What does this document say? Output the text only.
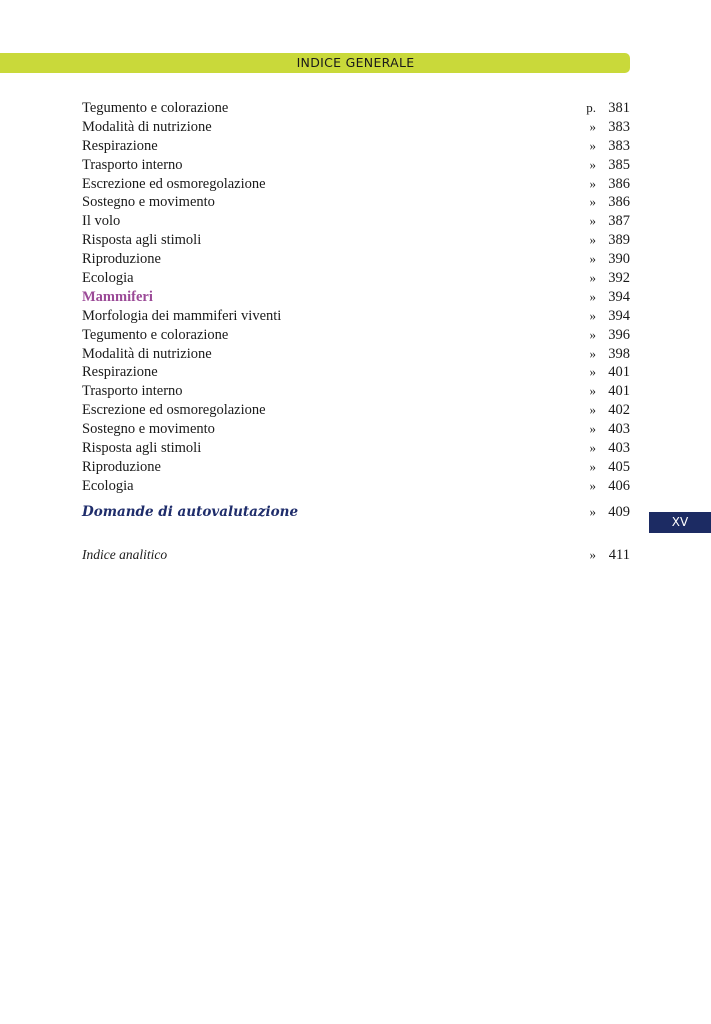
INDICE GENERALE
Tegumento e colorazione	p. 381
Modalità di nutrizione	» 383
Respirazione	» 383
Trasporto interno	» 385
Escrezione ed osmoregolazione	» 386
Sostegno e movimento	» 386
Il volo	» 387
Risposta agli stimoli	» 389
Riproduzione	» 390
Ecologia	» 392
Mammiferi	» 394
Morfologia dei mammiferi viventi	» 394
Tegumento e colorazione	» 396
Modalità di nutrizione	» 398
Respirazione	» 401
Trasporto interno	» 401
Escrezione ed osmoregolazione	» 402
Sostegno e movimento	» 403
Risposta agli stimoli	» 403
Riproduzione	» 405
Ecologia	» 406
Domande di autovalutazione	» 409
Indice analitico	» 411
XV
